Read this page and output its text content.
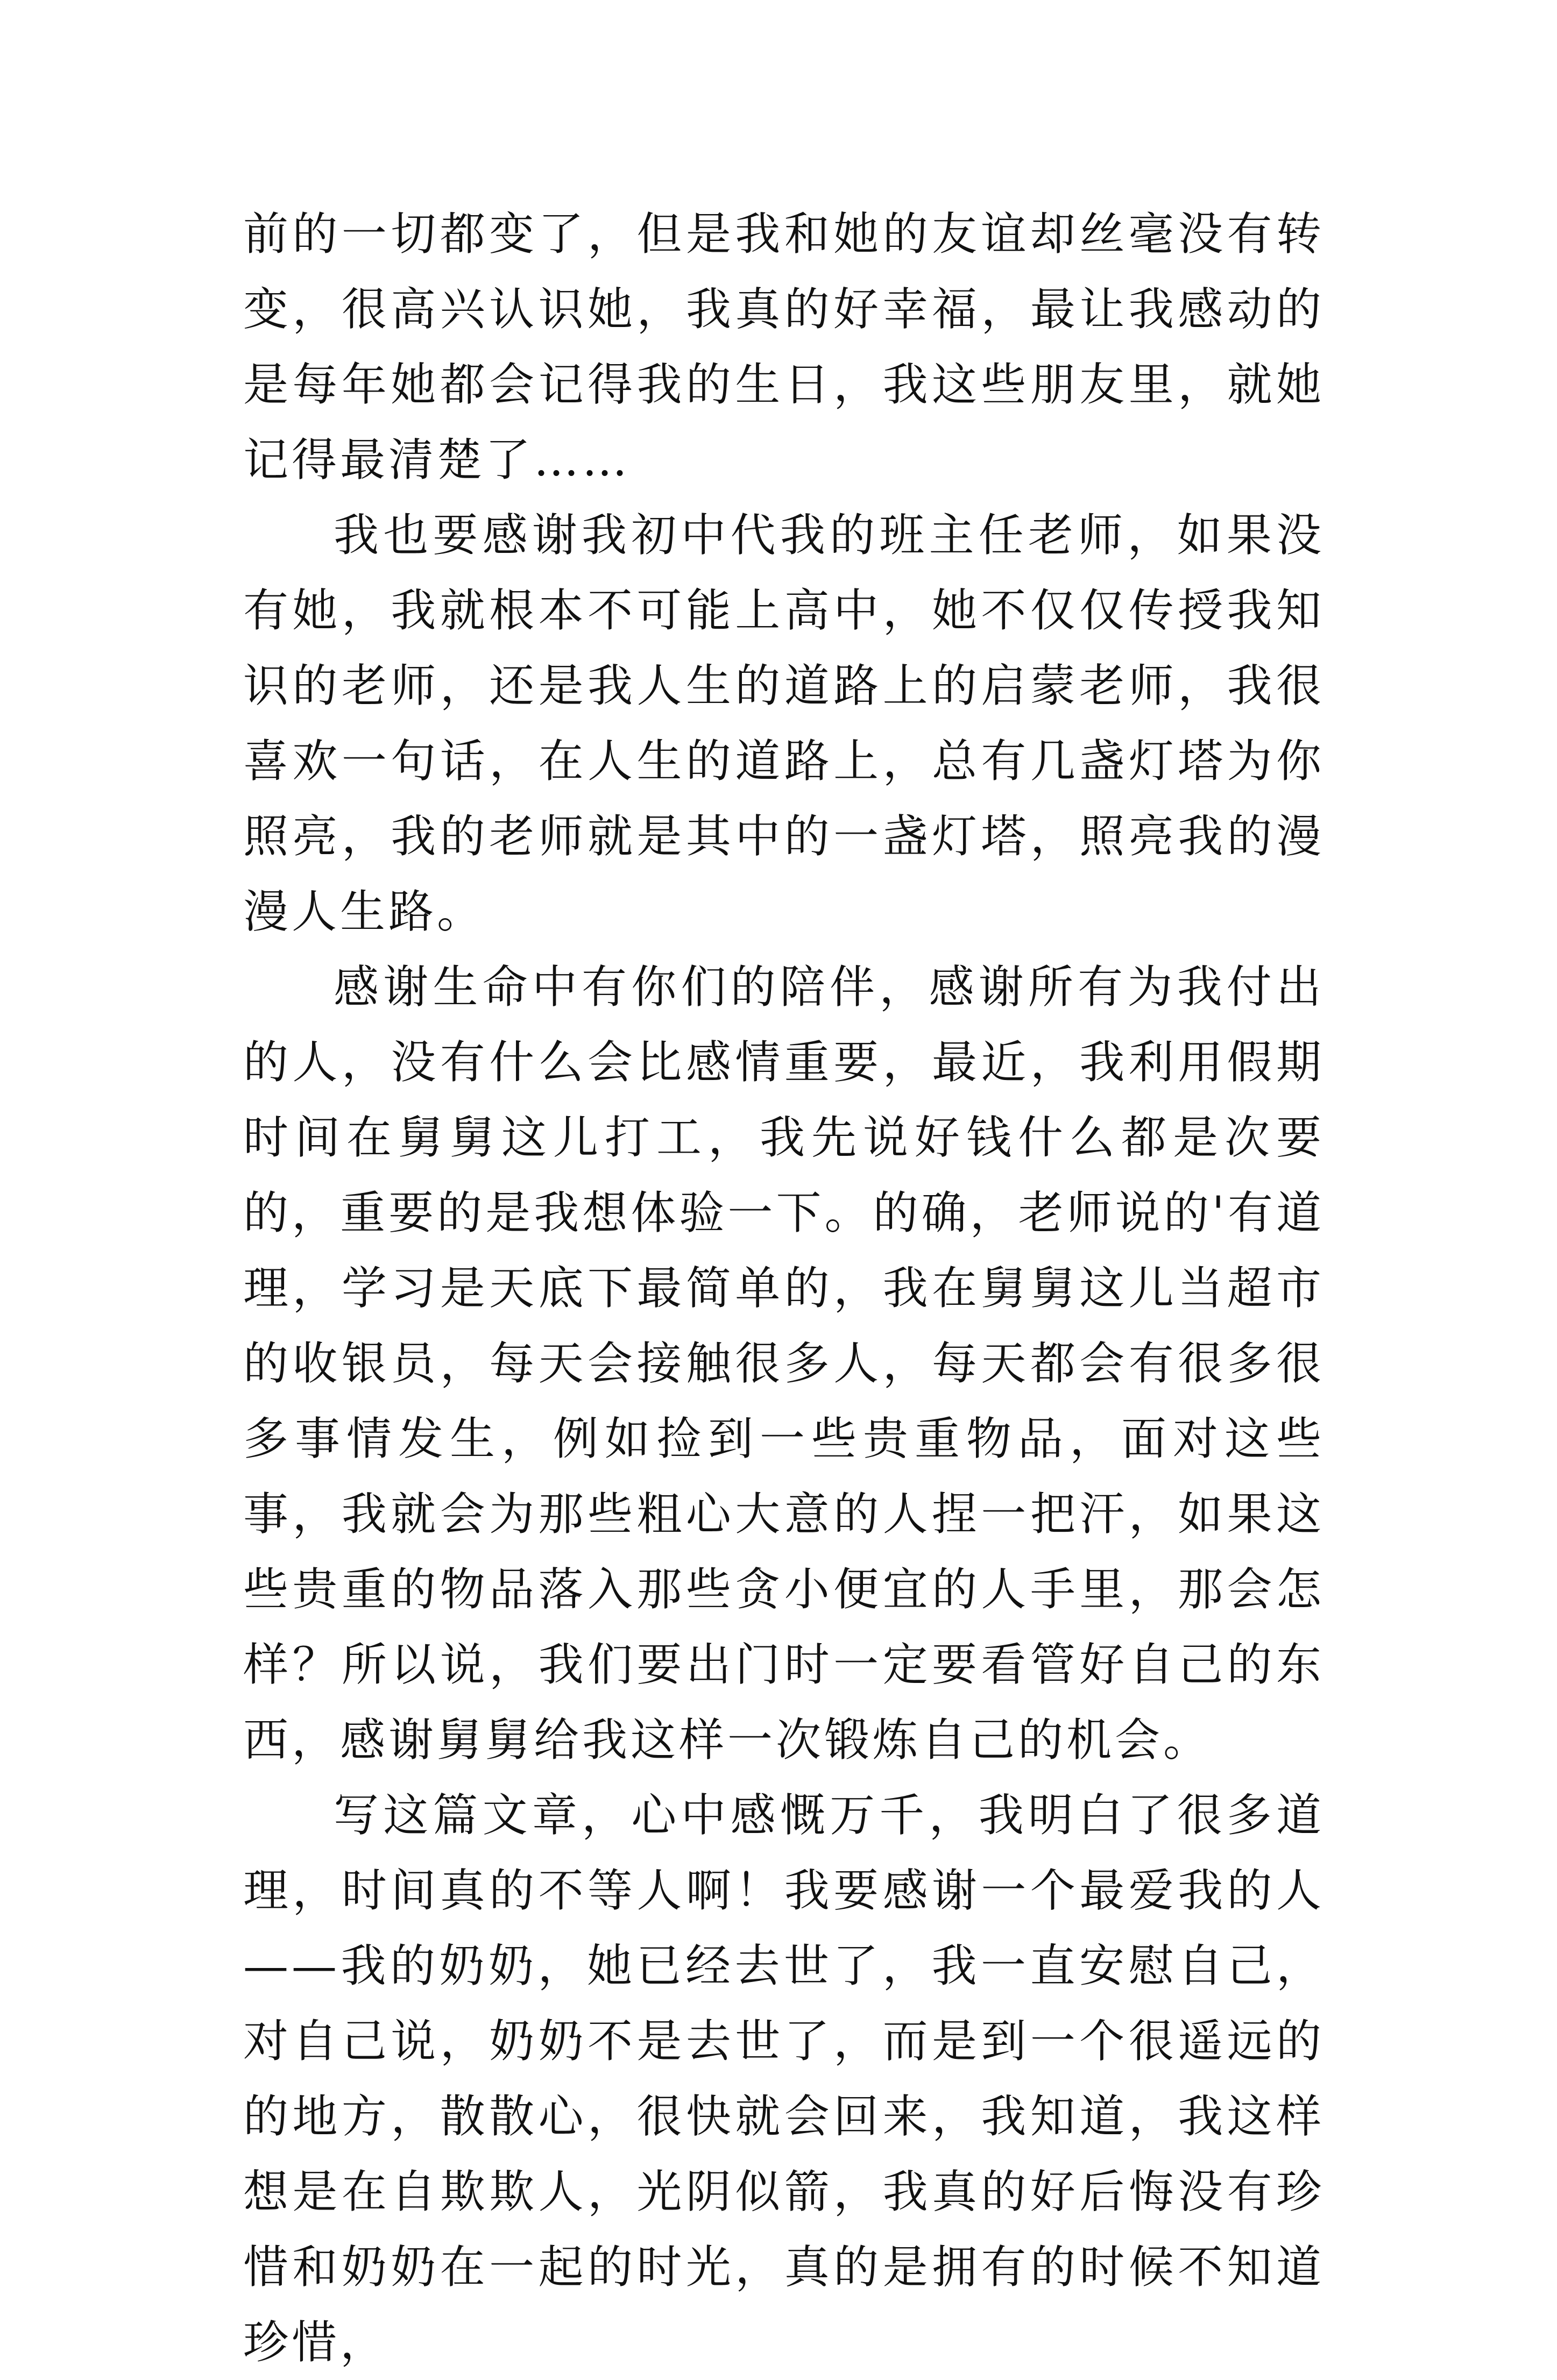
前的一切都变了，但是我和她的友谊却丝毫没有转变，很高兴认识她，我真的好幸福，最让我感动的是每年她都会记得我的生日，我这些朋友里，就她记得最清楚了……

我也要感谢我初中代我的班主任老师，如果没有她，我就根本不可能上高中，她不仅仅传授我知识的老师，还是我人生的道路上的启蒙老师，我很喜欢一句话，在人生的道路上，总有几盏灯塔为你照亮，我的老师就是其中的一盏灯塔，照亮我的漫漫人生路。

感谢生命中有你们的陪伴，感谢所有为我付出的人，没有什么会比感情重要，最近，我利用假期时间在舅舅这儿打工，我先说好钱什么都是次要的，重要的是我想体验一下。的确，老师说的'有道理，学习是天底下最简单的，我在舅舅这儿当超市的收银员，每天会接触很多人，每天都会有很多很多事情发生，例如捡到一些贵重物品，面对这些事，我就会为那些粗心大意的人捏一把汗，如果这些贵重的物品落入那些贪小便宜的人手里，那会怎样？所以说，我们要出门时一定要看管好自己的东西，感谢舅舅给我这样一次锻炼自己的机会。

写这篇文章，心中感慨万千，我明白了很多道理，时间真的不等人啊！我要感谢一个最爱我的人——我的奶奶，她已经去世了，我一直安慰自己，对自己说，奶奶不是去世了，而是到一个很遥远的的地方，散散心，很快就会回来，我知道，我这样想是在自欺欺人，光阴似箭，我真的好后悔没有珍惜和奶奶在一起的时光，真的是拥有的时候不知道珍惜，
